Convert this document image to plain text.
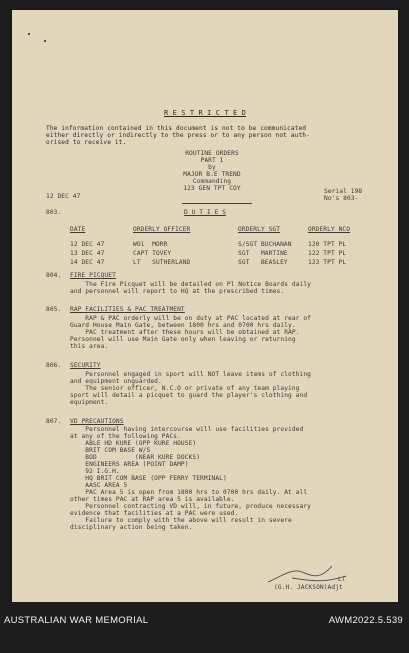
R E S T R I C T E D
The information contained in this document is not to be communicated
either directly or indirectly to the press or to any person not auth-
orised to receive it.
ROUTINE ORDERS
PART 1
by
MAJOR B.E TREND
Commanding
123 GEN TPT COY
12 DEC 47
Serial 198
No's 803-
803.	D U T I E S
DATE	ORDERLY OFFICER	ORDERLY SGT	ORDERLY NCO
12 DEC 47	WO1  MORR	S/SGT BUCHANAN	120 TPT PL
13 DEC 47	CAPT TOVEY	SGT   MARTINE	122 TPT PL
14 DEC 47	LT   SUTHERLAND	SGT   BEASLEY	123 TPT PL
804. FIRE PICQUET
The Fire Picquet will be detailed on Pl Notice Boards daily
and personnel will report to HQ at the prescribed times.
805. RAP FACILITIES & PAC TREATMENT
RAP & PAC orderly will be on duty at PAC located at rear of
Guard House Main Gate, between 1800 hrs and 0700 hrs daily.
PAC treatment after these hours will be obtained at RAP.
Personnel will use Main Gate only when leaving or returning
this area.
806. SECURITY
Personnel engaged in sport will NOT leave items of clothing
and equipment unguarded.
The senior officer, N.C.O or private of any team playing
sport will detail a picquet to guard the player's clothing and
equipment.
807. VD PRECAUTIONS
Personnel having intercourse will use facilities provided
at any of the following PACs.
ABLE HD KURE (OPP KURE HOUSE)
BRIT COM BASE W/S
BOD          (NEAR KURE DOCKS)
ENGINEERS AREA (POINT DAMP)
92 I.G.H.
HQ BRIT COM BASE (OPP FERRY TERMINAL)
AASC AREA 5
PAC Area 5 is open from 1800 hrs to 0700 hrs daily. At all
other times PAC at RAP area 5 is available.
Personnel contracting VD will, in future, produce necessary
evidence that facilities at a PAC were used.
Failure to comply with the above will result in severe
disciplinary action being taken.
LT
(G.H. JACKSON)Adjt
AUSTRALIAN WAR MEMORIAL	AWM2022.5.539
